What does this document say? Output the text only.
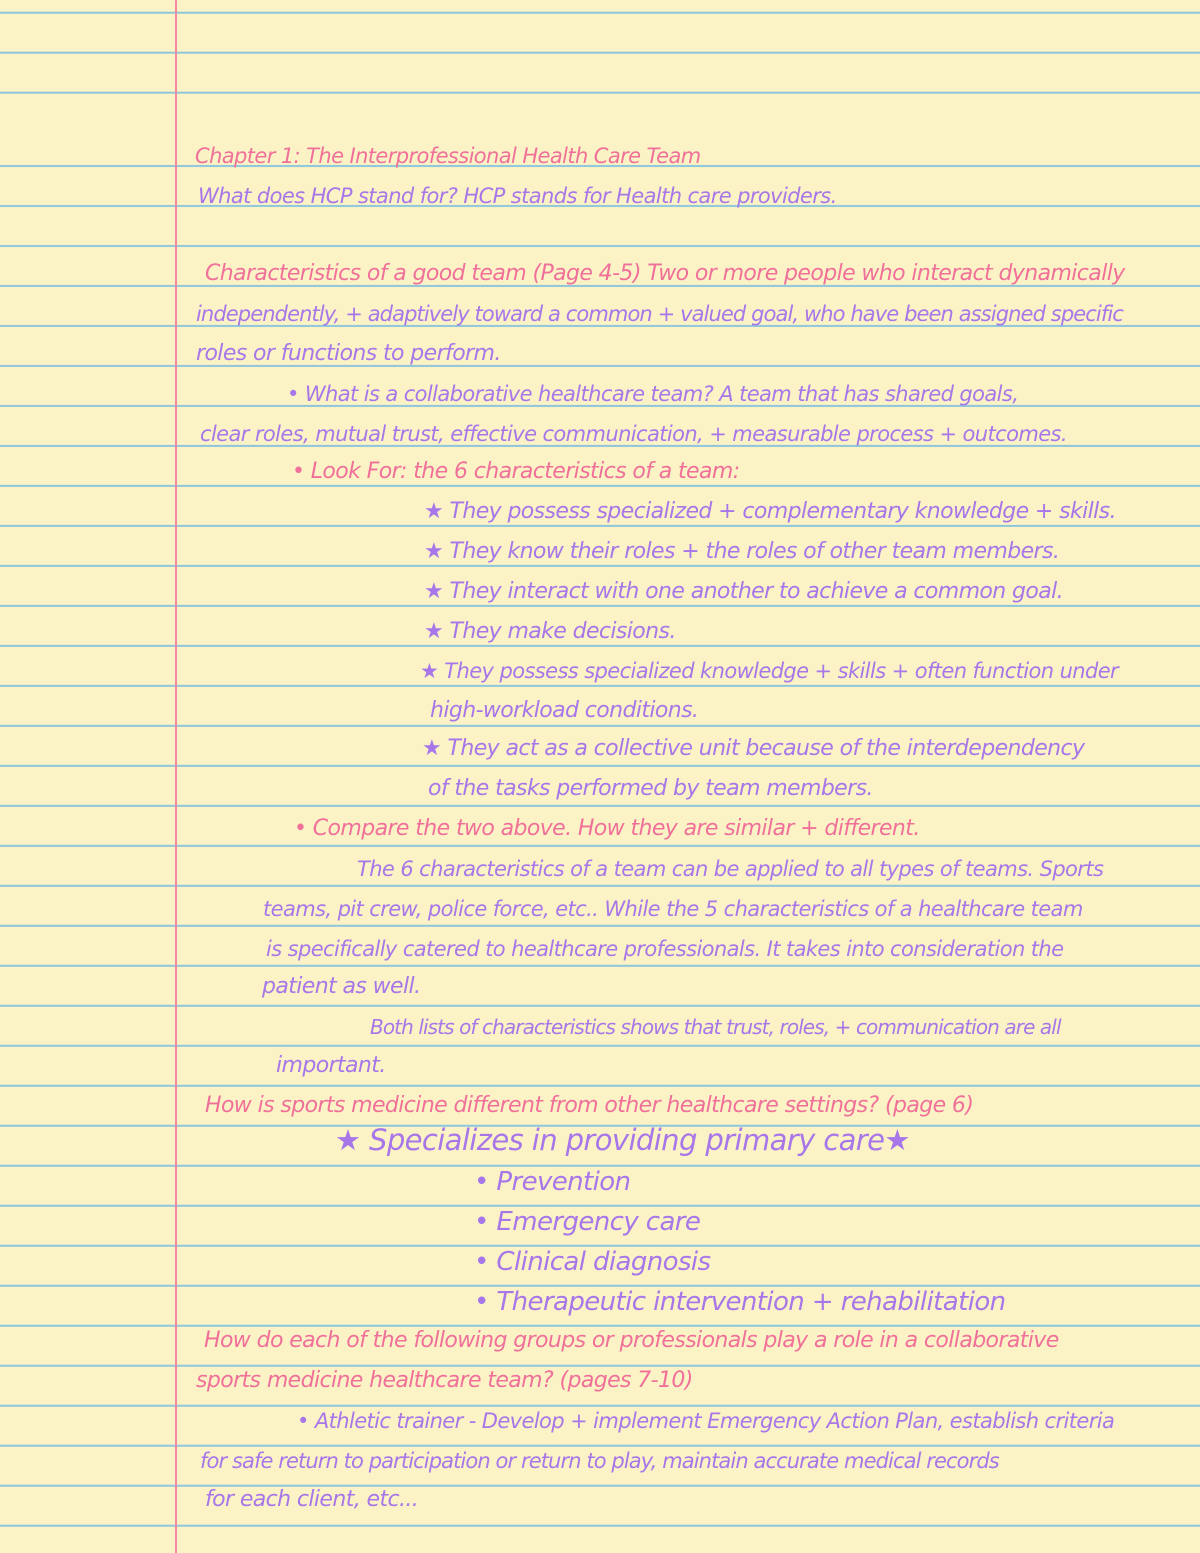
Chapter 1: The Interprofessional Health Care Team
What does HCP stand for? HCP stands for Health care providers.
Characteristics of a good team (Page 4-5) Two or more people who interact dynamically
independently, + adaptively toward a common + valued goal, who have been assigned specific
roles or functions to perform.
• What is a collaborative healthcare team? A team that has shared goals,
clear roles, mutual trust, effective communication, + measurable process + outcomes.
• Look For: the 6 characteristics of a team:
★ They possess specialized + complementary knowledge + skills.
★ They know their roles + the roles of other team members.
★ They interact with one another to achieve a common goal.
★ They make decisions.
★ They possess specialized knowledge + skills + often function under
high-workload conditions.
★ They act as a collective unit because of the interdependency
of the tasks performed by team members.
• Compare the two above. How they are similar + different.
The 6 characteristics of a team can be applied to all types of teams. Sports
teams, pit crew, police force, etc.. While the 5 characteristics of a healthcare team
is specifically catered to healthcare professionals. It takes into consideration the
patient as well.
Both lists of characteristics shows that trust, roles, + communication are all
important.
How is sports medicine different from other healthcare settings? (page 6)
★ Specializes in providing primary care★
• Prevention
• Emergency care
• Clinical diagnosis
• Therapeutic intervention + rehabilitation
How do each of the following groups or professionals play a role in a collaborative
sports medicine healthcare team? (pages 7-10)
• Athletic trainer - Develop + implement Emergency Action Plan, establish criteria
for safe return to participation or return to play, maintain accurate medical records
for each client, etc...
